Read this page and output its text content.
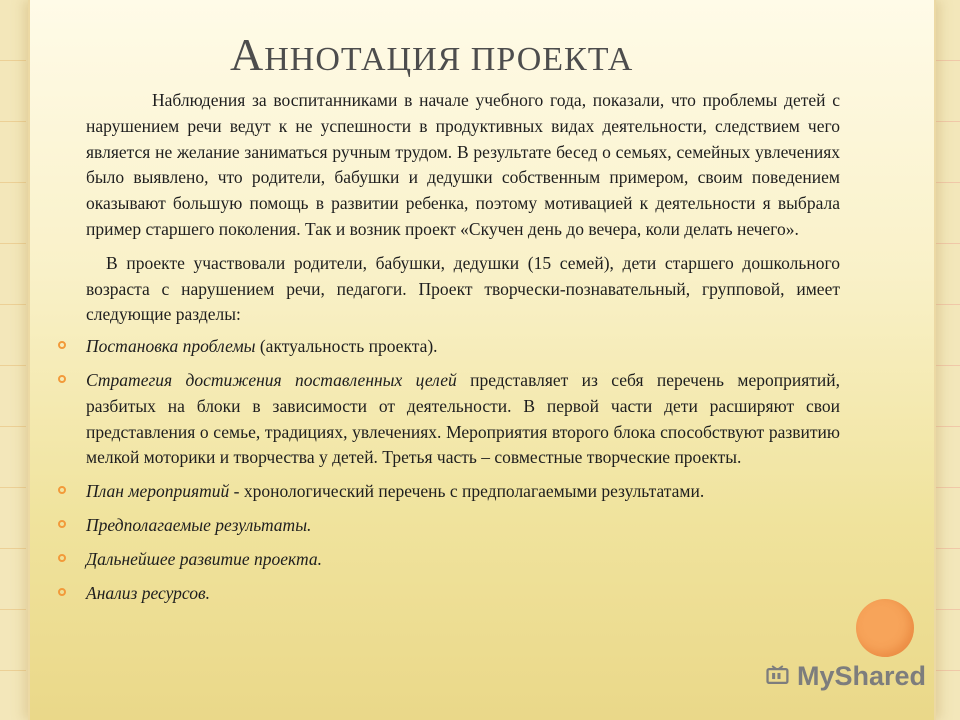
АННОТАЦИЯ ПРОЕКТА

Наблюдения за воспитанниками в начале учебного года, показали, что проблемы детей с нарушением речи ведут к не успешности в продуктивных видах деятельности, следствием чего является не желание заниматься ручным трудом. В результате бесед о семьях, семейных увлечениях было выявлено, что родители, бабушки и дедушки собственным примером, своим поведением оказывают большую помощь в развитии ребенка, поэтому мотивацией к деятельности я выбрала пример старшего поколения. Так и возник проект «Скучен день до вечера, коли делать нечего».

В проекте участвовали родители, бабушки, дедушки (15 семей), дети старшего дошкольного возраста с нарушением речи, педагоги. Проект творчески-познавательный, групповой, имеет следующие разделы:

Постановка проблемы (актуальность проекта).
Стратегия достижения поставленных целей представляет из себя перечень мероприятий, разбитых на блоки в зависимости от деятельности. В первой части дети расширяют свои представления о семье, традициях, увлечениях. Мероприятия второго блока способствуют развитию мелкой моторики и творчества у детей. Третья часть – совместные творческие проекты.
План мероприятий - хронологический перечень с предполагаемыми результатами.
Предполагаемые результаты.
Дальнейшее развитие проекта.
Анализ ресурсов.
MyShared
